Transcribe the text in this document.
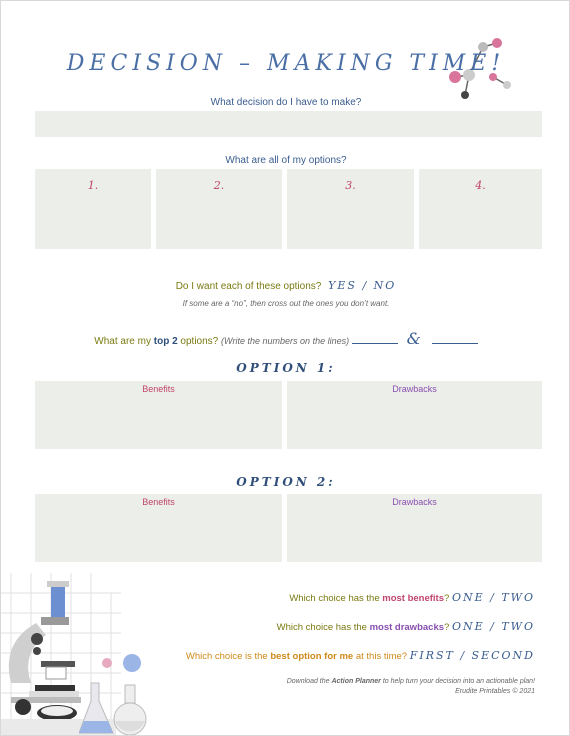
DECISION – MAKING TIME!
What decision do I have to make?
What are all of my options?
1.	2.	3.	4.
Do I want each of these options? YES / NO
If some are a “no”, then cross out the ones you don’t want.
What are my top 2 options? (Write the numbers on the lines)	&
OPTION 1:
Benefits	Drawbacks
OPTION 2:
Benefits	Drawbacks
Which choice has the most benefits? ONE / TWO
Which choice has the most drawbacks? ONE / TWO
Which choice is the best option for me at this time? FIRST / SECOND
Download the Action Planner to help turn your decision into an actionable plan!
Erudite Printables © 2021
